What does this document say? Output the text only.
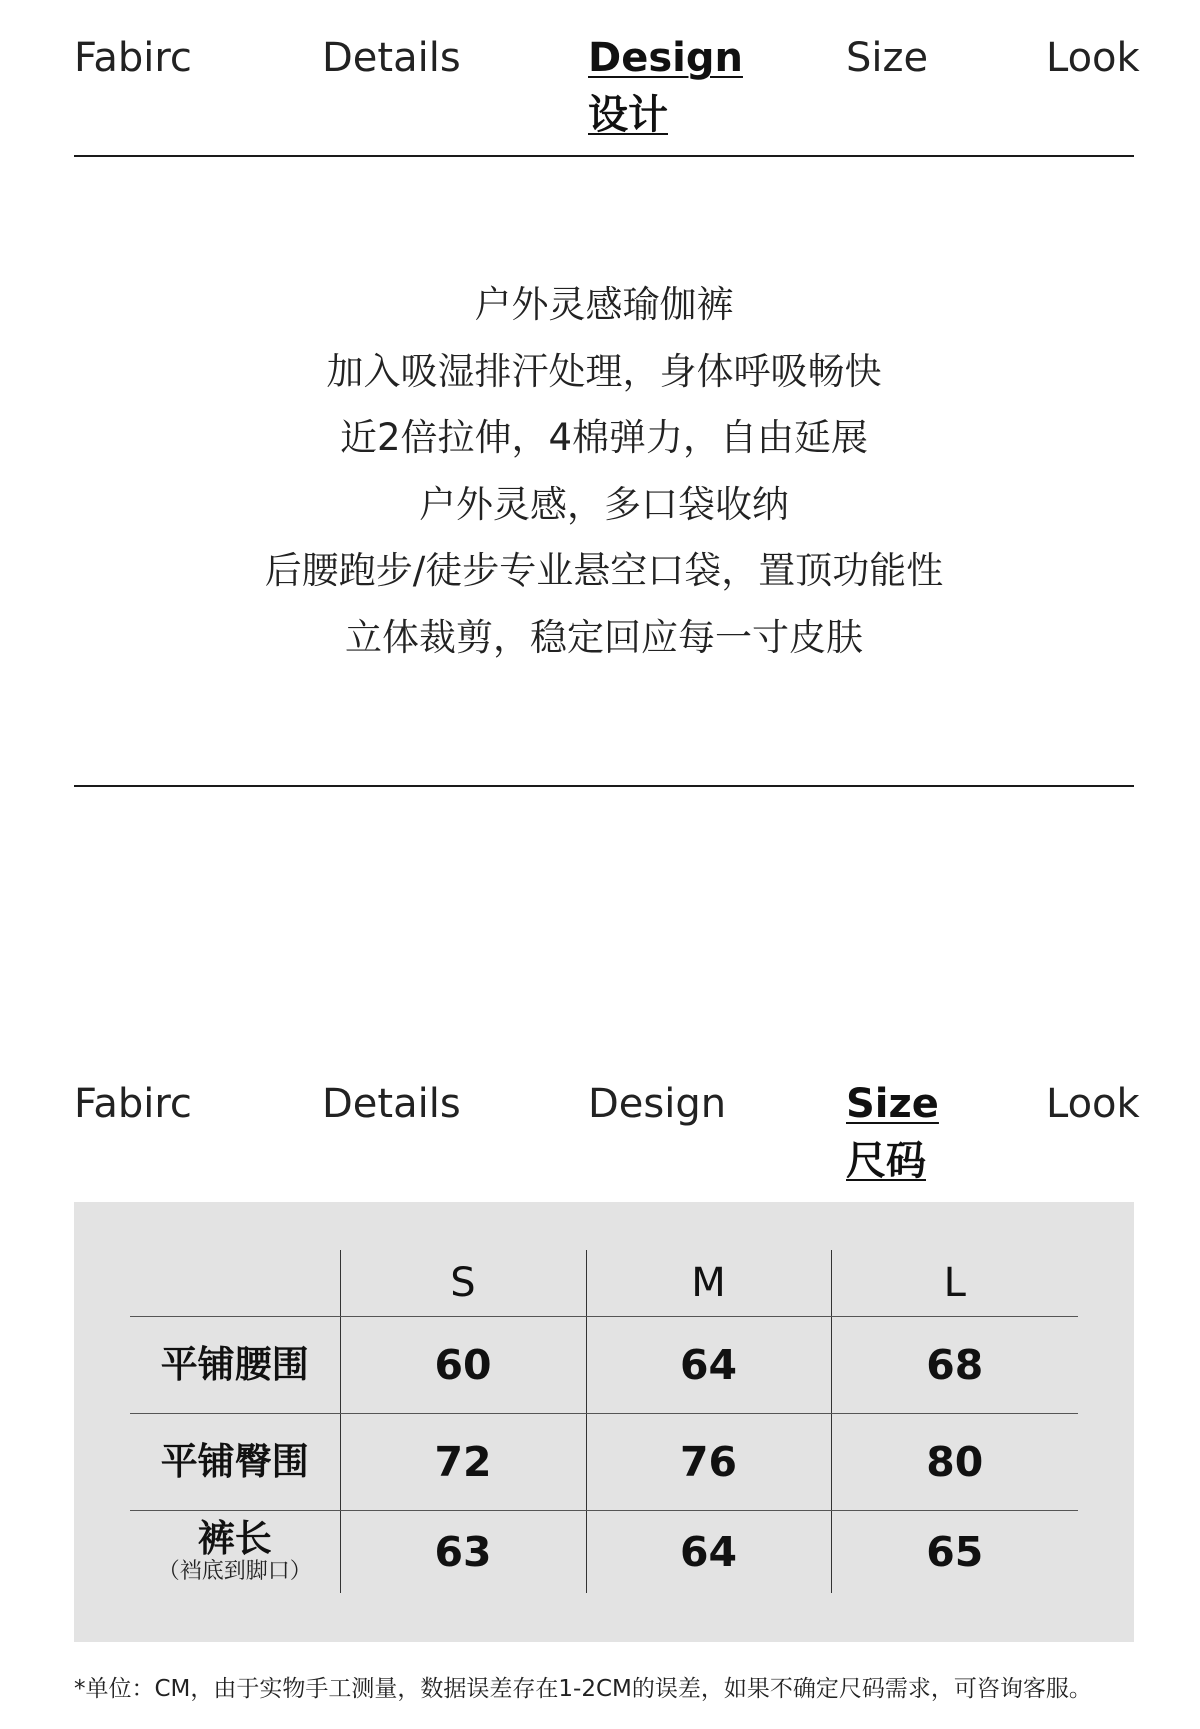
Fabirc	Details	Design
设计
Size	Look
户外灵感瑜伽裤
加入吸湿排汗处理，身体呼吸畅快
近2倍拉伸，4棉弹力，自由延展
户外灵感，多口袋收纳
后腰跑步/徒步专业悬空口袋，置顶功能性
立体裁剪，稳定回应每一寸皮肤
Fabirc	Details	Design	Size
尺码
Look
	S	M	L
平铺腰围	60	64	68
平铺臀围	72	76	80
裤长
（裆底到脚口）	63	64	65
*单位：CM，由于实物手工测量，数据误差存在1-2CM的误差，如果不确定尺码需求，可咨询客服。
